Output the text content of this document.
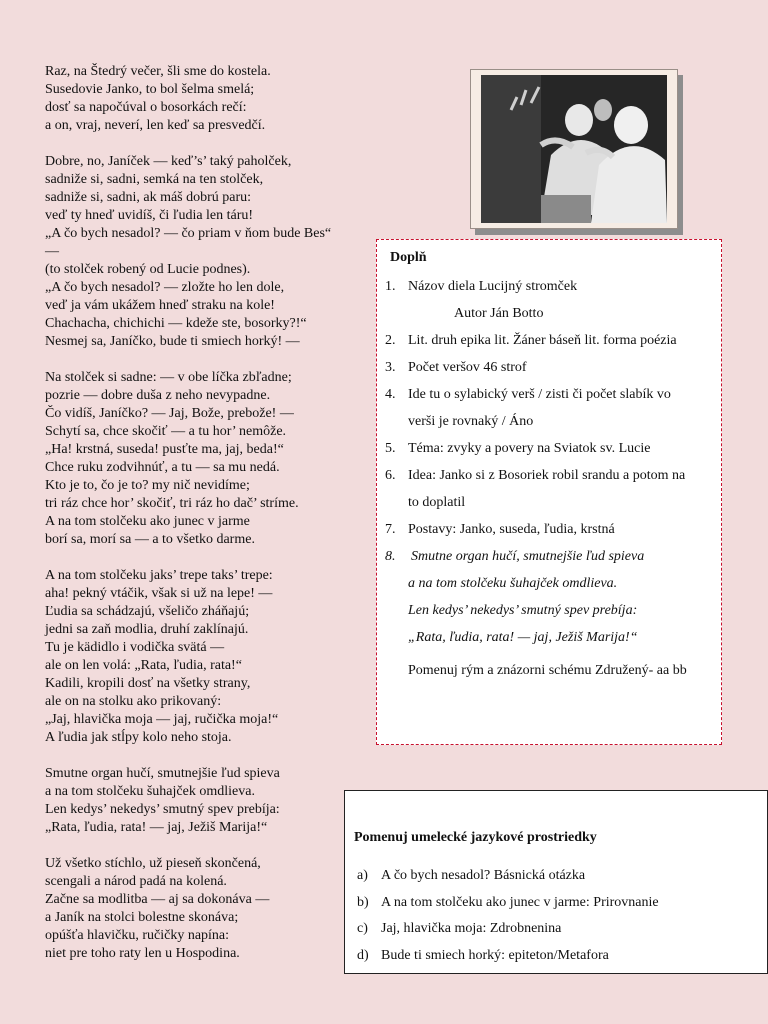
Raz, na Štedrý večer, šli sme do kostela.
Susedovie Janko, to bol šelma smelá;
dosť sa napočúval o bosorkách rečí:
a on, vraj, neverí, len keď sa presvedčí.
Dobre, no, Janíček — keď’s’ taký paholček,
sadniže si, sadni, semká na ten stolček,
sadniže si, sadni, ak máš dobrú paru:
veď ty hneď uvidíš, či ľudia len táru!
„A čo bych nesadol? — čo priam v ňom bude Bes“
—
(to stolček robený od Lucie podnes).
„A čo bych nesadol? — zložte ho len dole,
veď ja vám ukážem hneď straku na kole!
Chachacha, chichichi — kdeže ste, bosorky?!“
Nesmej sa, Janíčko, bude ti smiech horký! —
Na stolček si sadne: — v obe líčka zbľadne;
pozrie — dobre duša z neho nevypadne.
Čo vidíš, Janíčko? — Jaj, Bože, prebože! —
Schytí sa, chce skočiť — a tu hor’ nemôže.
„Ha! krstná, suseda! pusťte ma, jaj, beda!“
Chce ruku zodvihnúť, a tu — sa mu nedá.
Kto je to, čo je to? my nič nevidíme;
tri ráz chce hor’ skočiť, tri ráz ho dač’ stríme.
A na tom stolčeku ako junec v jarme
borí sa, morí sa — a to všetko darme.
A na tom stolčeku jaks’ trepe taks’ trepe:
aha! pekný vtáčik, však si už na lepe! —
Ľudia sa schádzajú, všeličo zháňajú;
jedni sa zaň modlia, druhí zaklínajú.
Tu je kädidlo i vodička svätá —
ale on len volá: „Rata, ľudia, rata!“
Kadili, kropili dosť na všetky strany,
ale on na stolku ako prikovaný:
„Jaj, hlavička moja — jaj, ručička moja!“
A ľudia jak stĺpy kolo neho stoja.
Smutne organ hučí, smutnejšie ľud spieva
a na tom stolčeku šuhajček omdlieva.
Len kedys’ nekedys’ smutný spev prebíja:
„Rata, ľudia, rata! — jaj, Ježiš Marija!“
Už všetko stíchlo, už pieseň skončená,
scengali a národ padá na kolená.
Začne sa modlitba — aj sa dokonáva —
a Janík na stolci bolestne skonáva;
opúšťa hlavičku, ručičky napína:
niet pre toho raty len u Hospodina.
Doplň
1. Názov diela Lucijný stromček
Autor Ján Botto
2. Lit. druh epika lit. Žáner báseň lit. forma poézia
3. Počet veršov 46 strof
4. Ide tu o sylabický verš / zisti či počet slabík vo
verši je rovnaký / Áno
5. Téma: zvyky a povery na Sviatok sv. Lucie
6. Idea: Janko si z Bosoriek robil srandu a potom na
to doplatil
7. Postavy: Janko, suseda, ľudia, krstná
8.	Smutne organ hučí, smutnejšie ľud spieva
a na tom stolčeku šuhajček omdlieva.
Len kedys’ nekedys’ smutný spev prebíja:
„Rata, ľudia, rata! — jaj, Ježiš Marija!“
Pomenuj rým a znázorni schému Združený- aa bb
Pomenuj umelecké jazykové prostriedky
a) A čo bych nesadol? Básnická otázka
b) A na tom stolčeku ako junec v jarme: Prirovnanie
c) Jaj, hlavička moja: Zdrobnenina
d) Bude ti smiech horký: epiteton/Metafora
